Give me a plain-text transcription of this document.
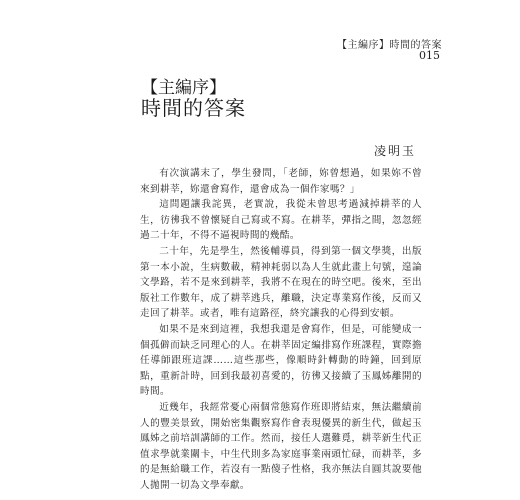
【主編序】時間的答案
015
【主編序】
時間的答案
凌明玉

有次演講末了，學生發問，「老師，妳曾想過，如果妳不曾來到耕莘，妳還會寫作，還會成為一個作家嗎？」

這問題讓我詫異，老實說，我從未曾思考過減掉耕莘的人生，彷彿我不曾懷疑自己寫或不寫。在耕莘，彈指之間，忽忽經過二十年，不得不逼視時間的幾酷。

二十年，先是學生，然後輔導員，得到第一個文學獎，出版第一本小說，生病數載，精神耗弱以為人生就此畫上句號，遑論文學路，若不是來到耕莘，我將不在現在的時空吧。後來，至出版社工作數年，成了耕莘逃兵，離職，決定專業寫作後，反而又走回了耕莘。或者，唯有這路徑，終究讓我的心得到安頓。

如果不是來到這裡，我想我還是會寫作，但是，可能變成一個孤僻而缺乏同理心的人。在耕莘固定編排寫作班課程，實際擔任導師跟班這課……這些那些，像順時針轉動的時鐘，回到原點，重新計時，回到我最初喜愛的，彷彿又接續了玉鳳姊離開的時間。

近幾年，我經常憂心兩個常態寫作班即將結束，無法繼續前人的豐美景致，開始密集觀察寫作會表現優異的新生代，做起玉鳳姊之前培訓講師的工作。然而，接任人選難覓，耕莘新生代正值求學就業關卡，中生代則多為家庭事業兩頭忙碌，而耕莘，多的是無給職工作，若沒有一點傻子性格，我亦無法自圓其說要他人拋開一切為文學奉獻。
